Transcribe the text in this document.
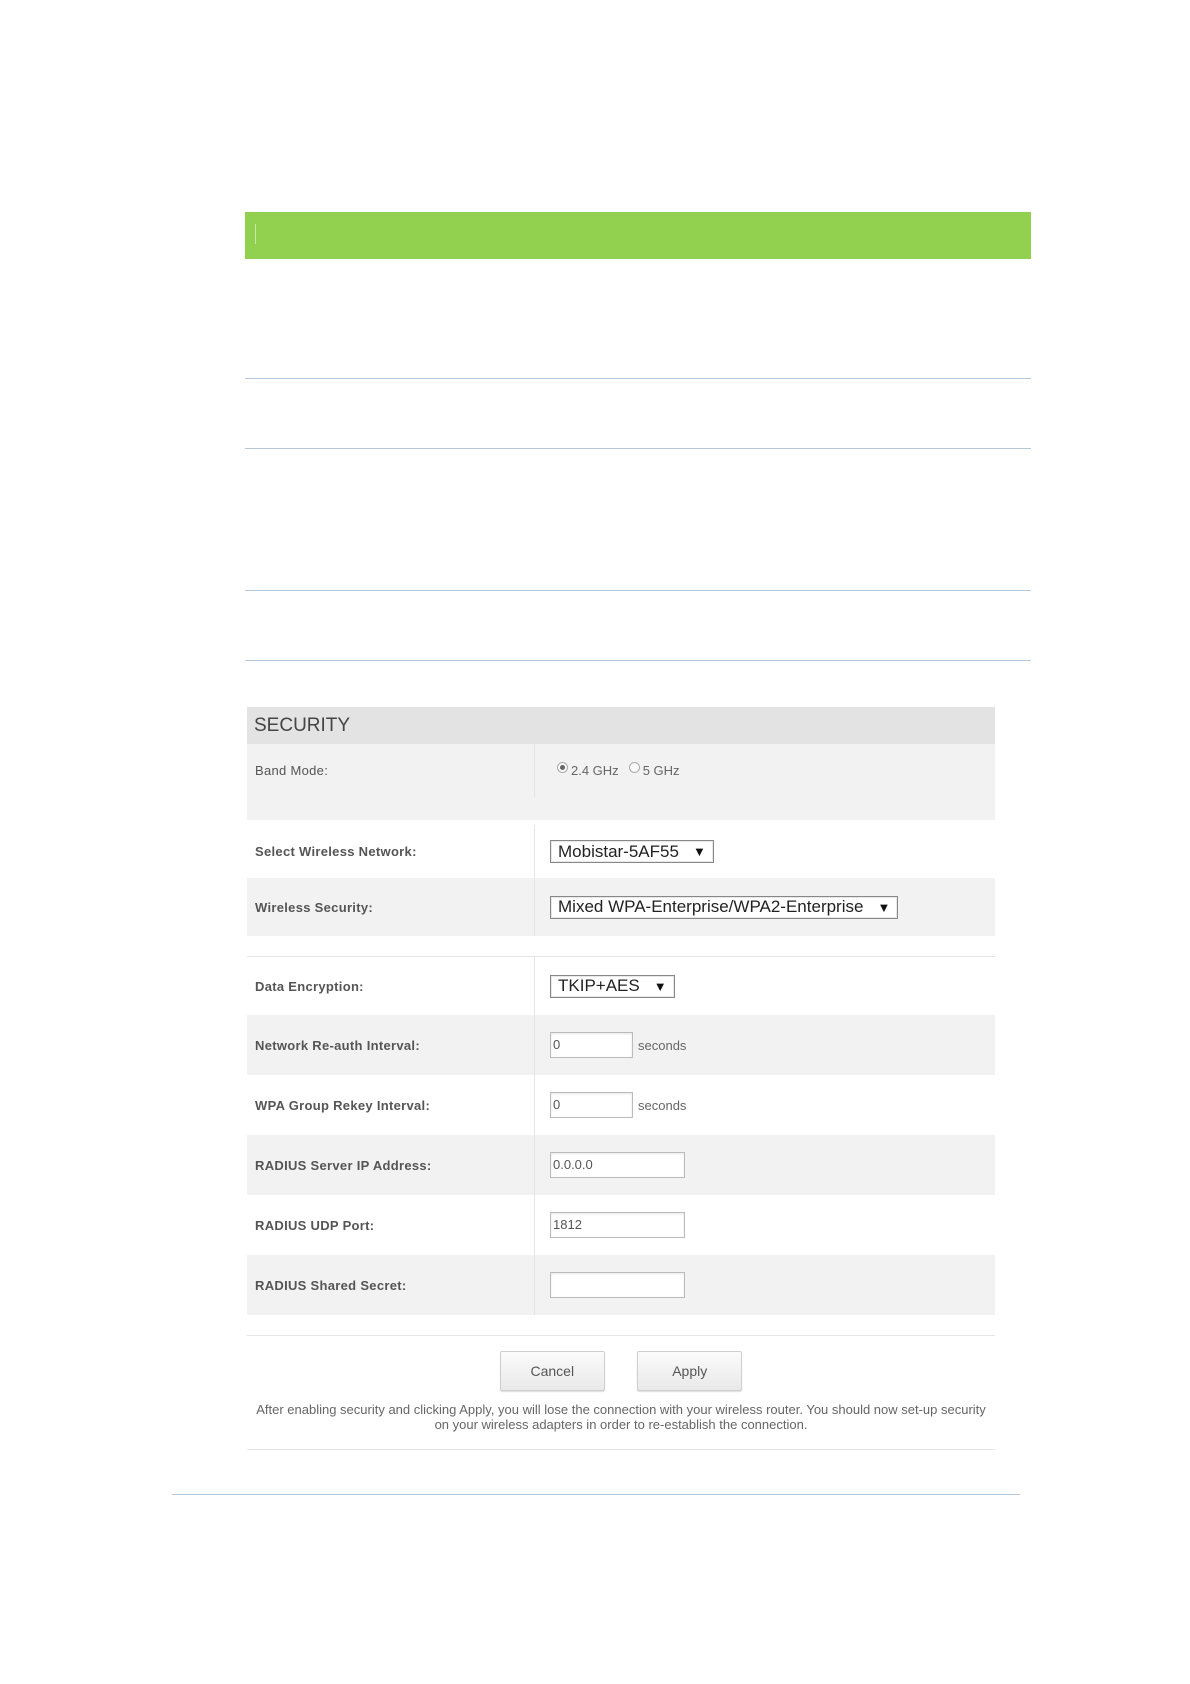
SECURITY
Band Mode:	2.4 GHz 5 GHz
Select Wireless Network:	Mobistar-5AF55 ▼
Wireless Security:	Mixed WPA-Enterprise/WPA2-Enterprise ▼
Data Encryption:	TKIP+AES ▼
Network Re-auth Interval:	0	seconds
WPA Group Rekey Interval:	0	seconds
RADIUS Server IP Address:	0.0.0.0
RADIUS UDP Port:	1812
RADIUS Shared Secret:
Cancel	Apply
After enabling security and clicking Apply, you will lose the connection with your wireless router. You should now set-up security on your wireless adapters in order to re-establish the connection.
